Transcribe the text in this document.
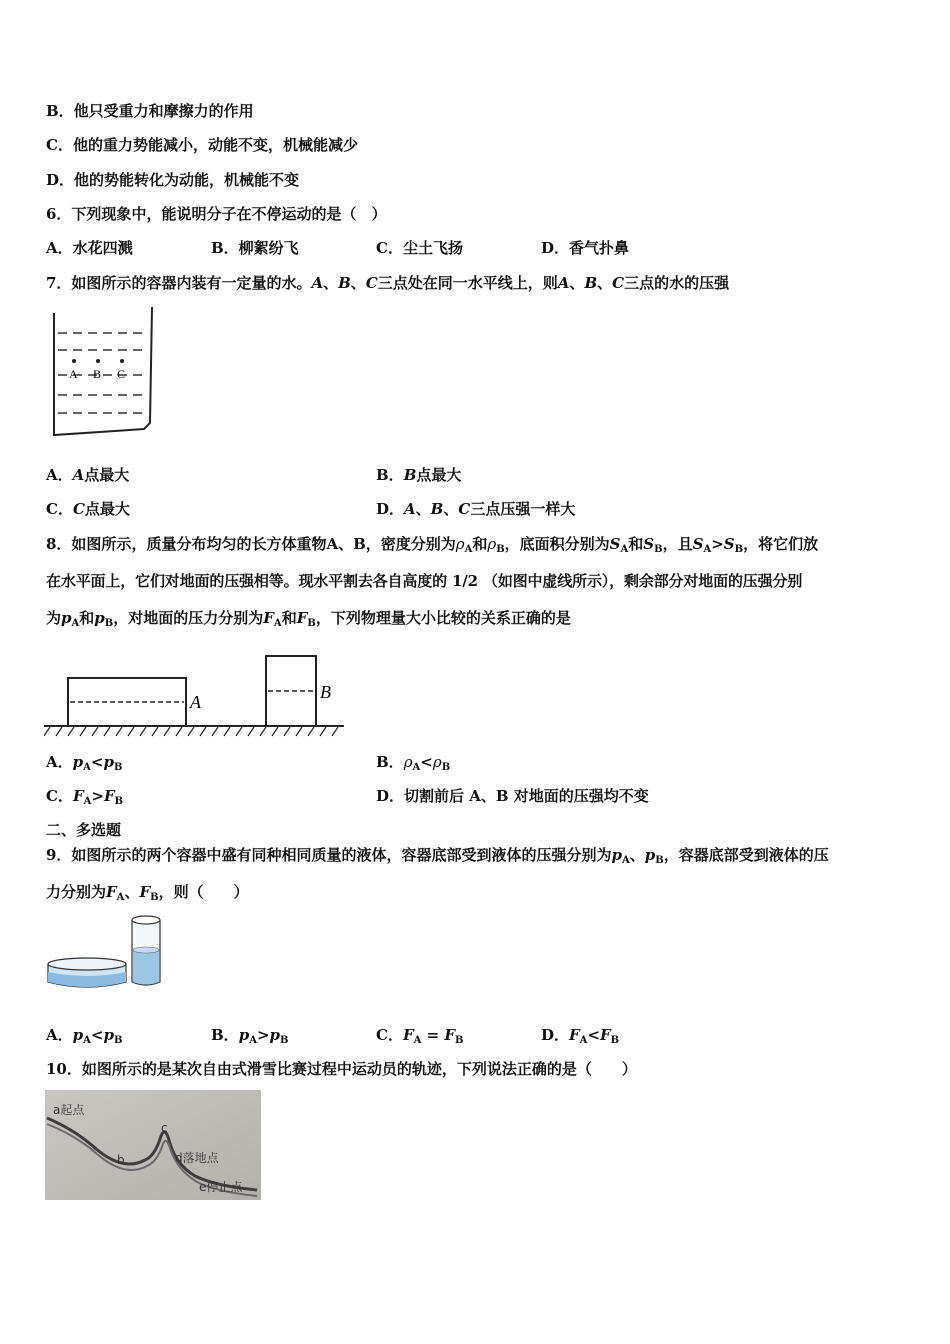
B．他只受重力和摩擦力的作用
C．他的重力势能减小，动能不变，机械能减少
D．他的势能转化为动能，机械能不变
6．下列现象中，能说明分子在不停运动的是（　）
A．水花四溅	B．柳絮纷飞	C．尘土飞扬	D．香气扑鼻
7．如图所示的容器内装有一定量的水。A、B、C三点处在同一水平线上，则A、B、C三点的水的压强
A B C
A．A点最大	B．B点最大
C．C点最大	D．A、B、C三点压强一样大
8．如图所示，质量分布均匀的长方体重物A、B，密度分别为$\rho_A$和$\rho_B$，底面积分别为$S_A$和$S_B$，且$S_A>S_B$，将它们放
在水平面上，它们对地面的压强相等。现水平割去各自高度的 1/2 （如图中虚线所示），剩余部分对地面的压强分别
为$p_A$和$p_B$，对地面的压力分别为$F_A$和$F_B$，下列物理量大小比较的关系正确的是
A	B
A．$p_A<p_B$	B．$\rho_A<\rho_B$
C．$F_A>F_B$	D．切割前后 A、B 对地面的压强均不变
二、多选题
9．如图所示的两个容器中盛有同种相同质量的液体，容器底部受到液体的压强分别为$p_A$、$p_B$，容器底部受到液体的压
力分别为$F_A$、$F_B$，则（　　）
A．$p_A<p_B$	B．$p_A>p_B$	C．$F_A = F_B$	D．$F_A<F_B$
10．如图所示的是某次自由式滑雪比赛过程中运动员的轨迹，下列说法正确的是（　　）
a起点
b
c
d落地点
e停止点
